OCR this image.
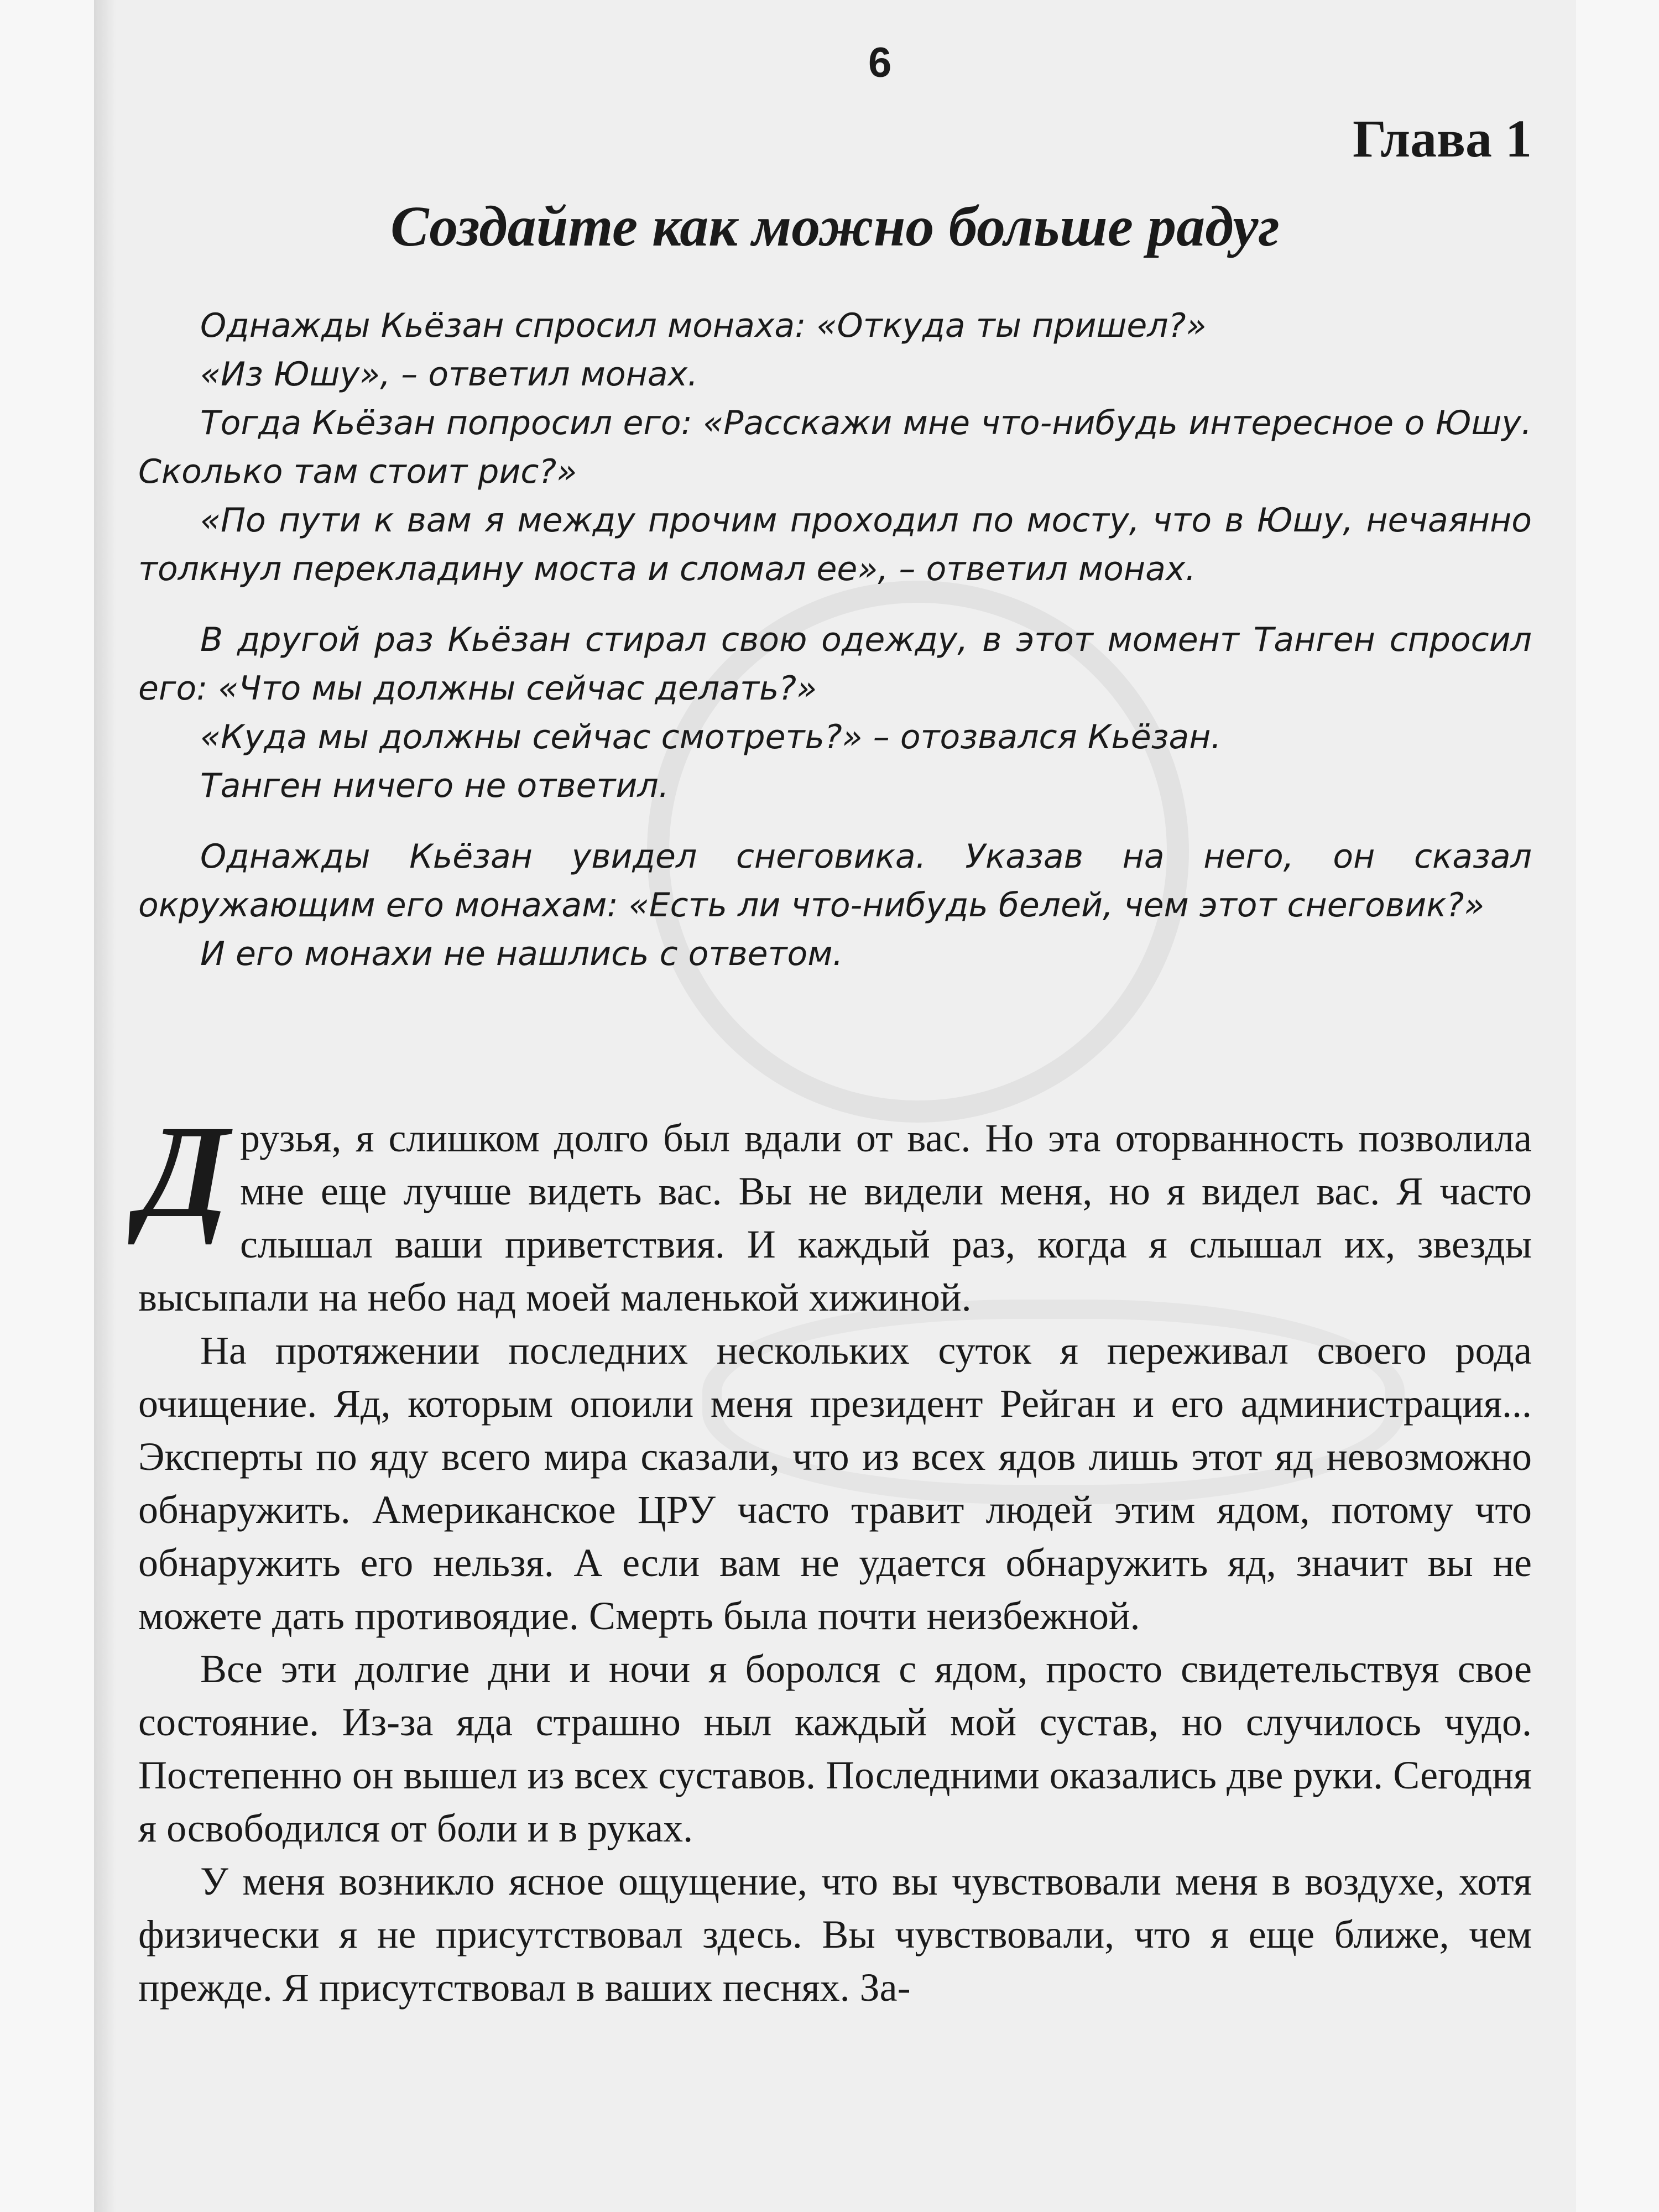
6
Глава 1
Создайте как можно больше радуг

Однажды Кьёзан спросил монаха: «Откуда ты пришел?»

«Из Юшу», – ответил монах.

Тогда Кьёзан попросил его: «Расскажи мне что-нибудь интересное о Юшу. Сколько там стоит рис?»

«По пути к вам я между прочим проходил по мосту, что в Юшу, нечаянно толкнул перекладину моста и сломал ее», – ответил монах.

В другой раз Кьёзан стирал свою одежду, в этот момент Танген спросил его: «Что мы должны сейчас делать?»

«Куда мы должны сейчас смотреть?» – отозвался Кьёзан.

Танген ничего не ответил.

Однажды Кьёзан увидел снеговика. Указав на него, он сказал окружающим его монахам: «Есть ли что-нибудь белей, чем этот снеговик?»

И его монахи не нашлись с ответом.

Друзья, я слишком долго был вдали от вас. Но эта оторванность позволила мне еще лучше видеть вас. Вы не видели меня, но я видел вас. Я часто слышал ваши приветствия. И каждый раз, когда я слышал их, звезды высыпали на небо над моей маленькой хижиной.

На протяжении последних нескольких суток я переживал своего рода очищение. Яд, которым опоили меня президент Рейган и его администрация... Эксперты по яду всего мира сказали, что из всех ядов лишь этот яд невозможно обнаружить. Американское ЦРУ часто травит людей этим ядом, потому что обнаружить его нельзя. А если вам не удается обнаружить яд, значит вы не можете дать противоядие. Смерть была почти неизбежной.

Все эти долгие дни и ночи я боролся с ядом, просто свидетельствуя свое состояние. Из-за яда страшно ныл каждый мой сустав, но случилось чудо. Постепенно он вышел из всех суставов. Последними оказались две руки. Сегодня я освободился от боли и в руках.

У меня возникло ясное ощущение, что вы чувствовали меня в воздухе, хотя физически я не присутствовал здесь. Вы чувствовали, что я еще ближе, чем прежде. Я присутствовал в ваших песнях. За-
